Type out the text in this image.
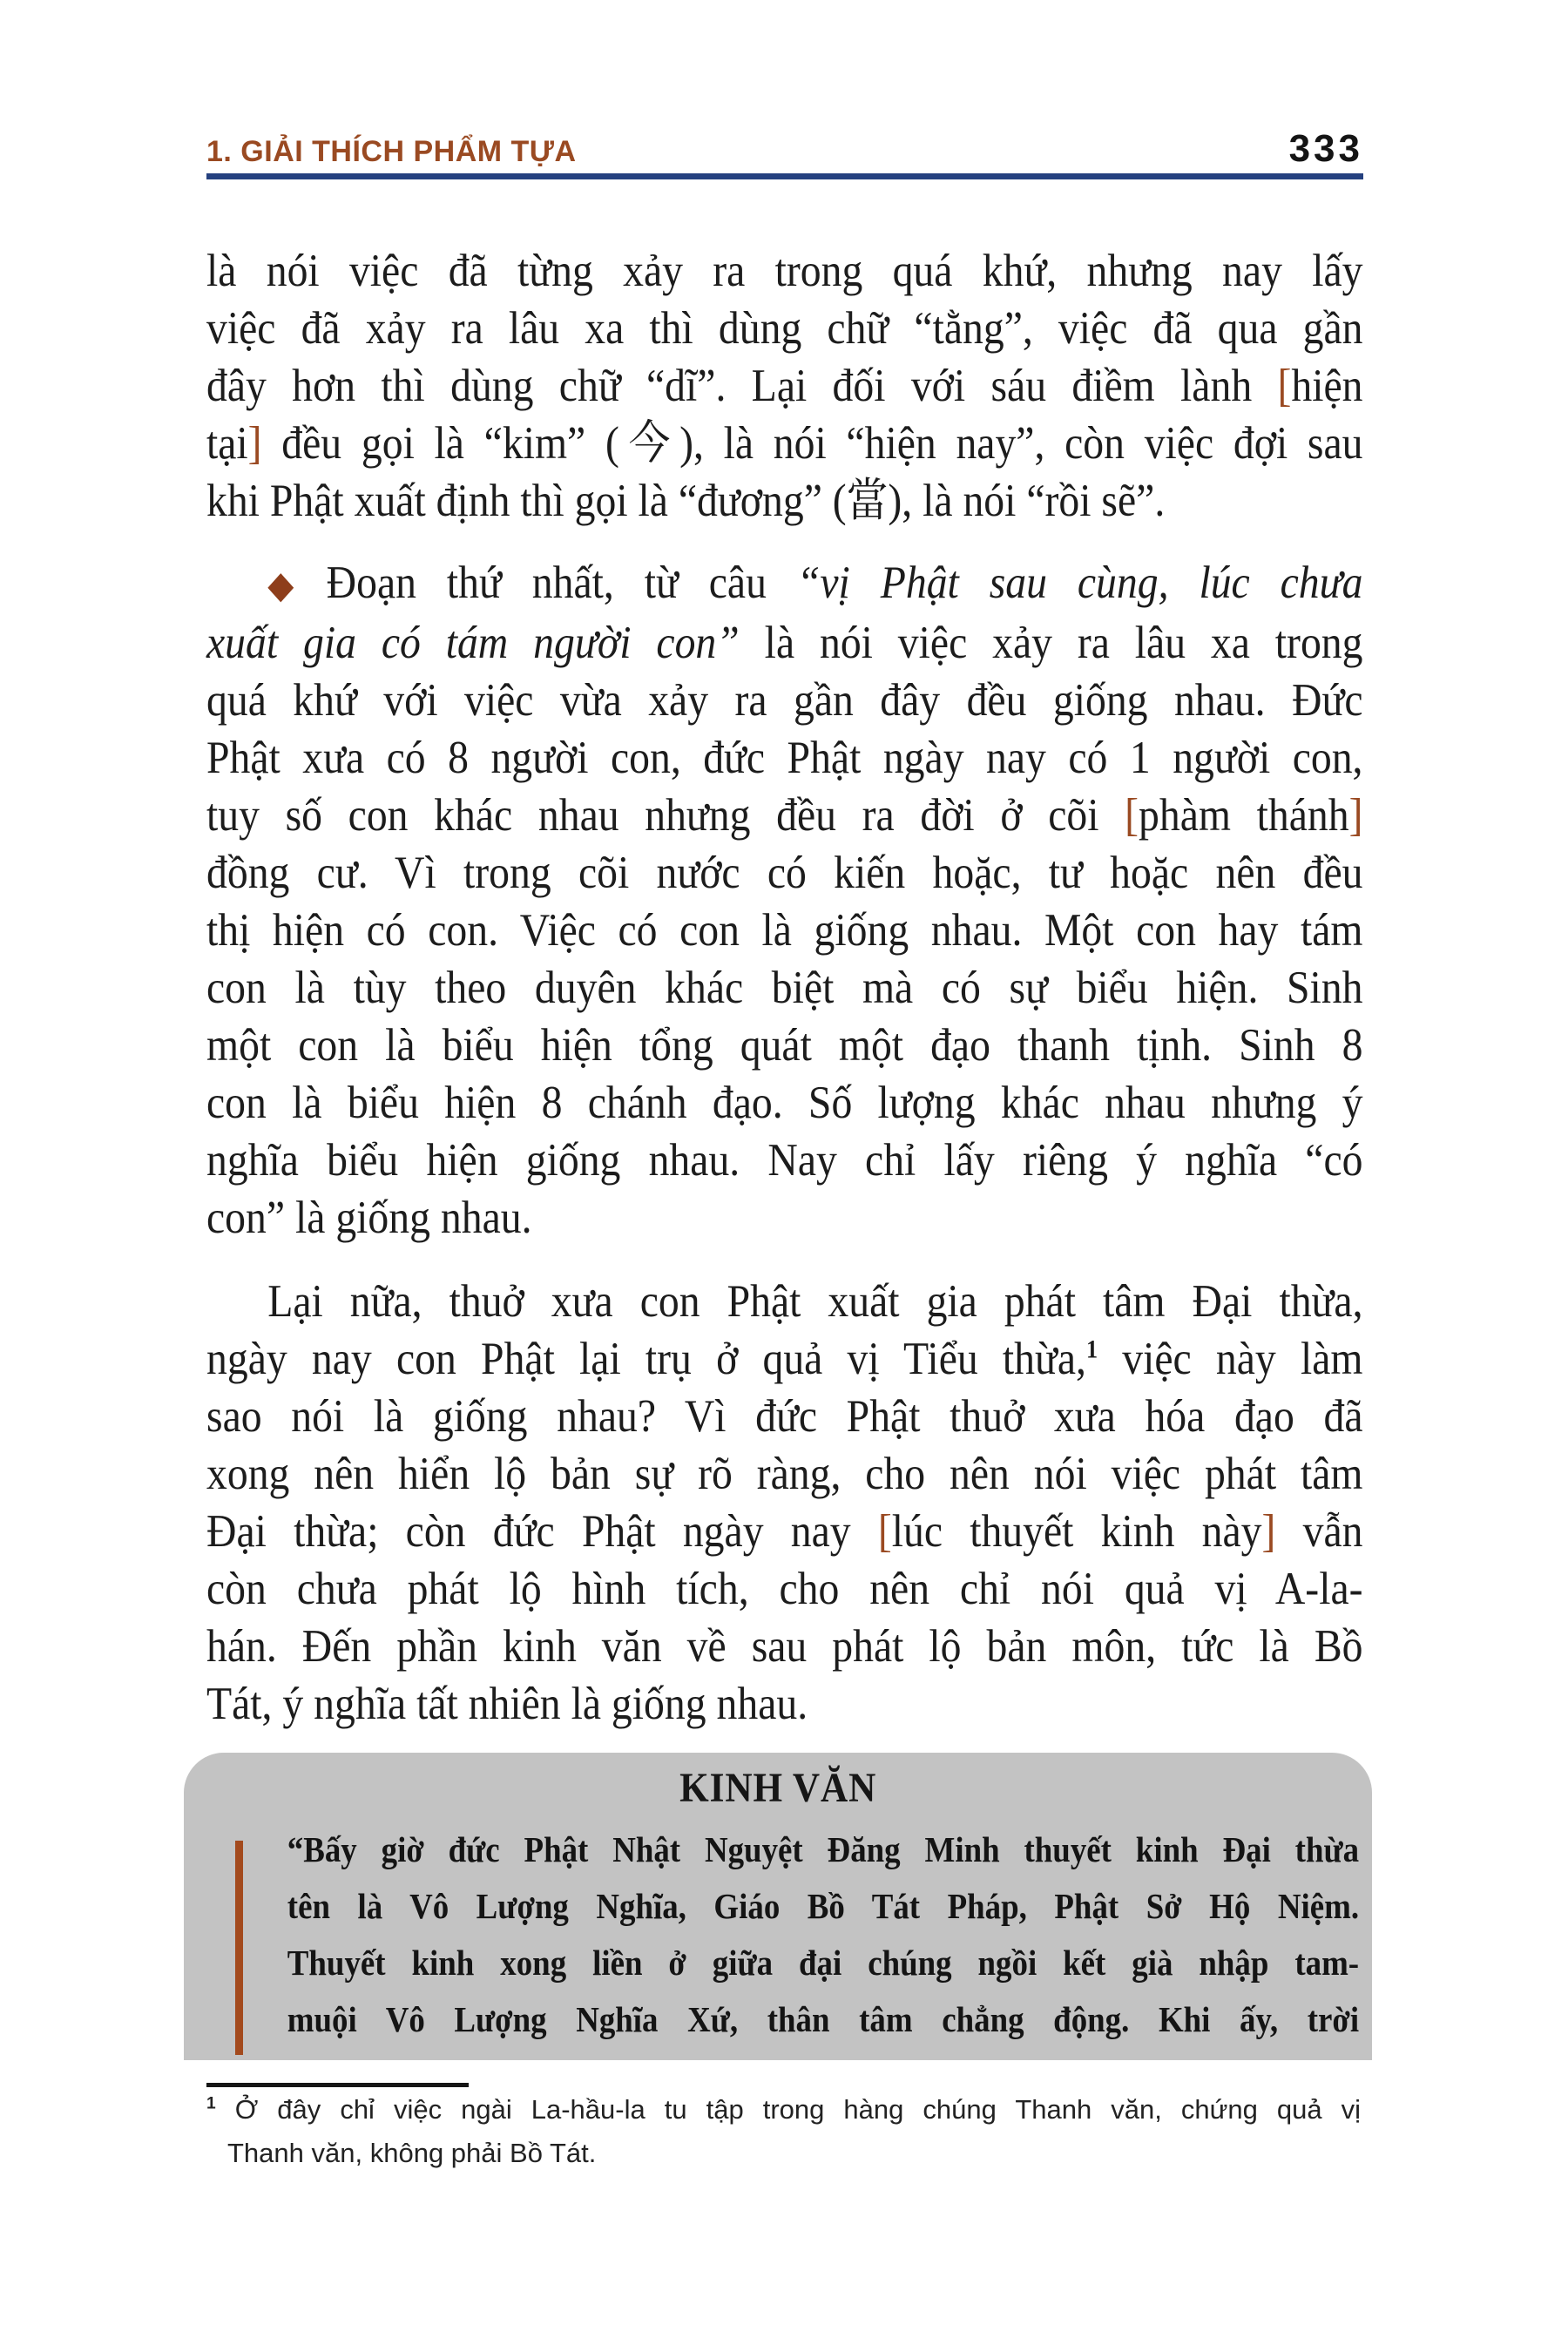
1. GIẢI THÍCH PHẨM TỰA	333
là nói việc đã từng xảy ra trong quá khứ, nhưng nay lấy
việc đã xảy ra lâu xa thì dùng chữ “tằng”, việc đã qua gần
đây hơn thì dùng chữ “dĩ”. Lại đối với sáu điềm lành [hiện
tại] đều gọi là “kim” (今), là nói “hiện nay”, còn việc đợi sau
khi Phật xuất định thì gọi là “đương” (當), là nói “rồi sẽ”.
◆ Đoạn thứ nhất, từ câu “vị Phật sau cùng, lúc chưa
xuất gia có tám người con” là nói việc xảy ra lâu xa trong
quá khứ với việc vừa xảy ra gần đây đều giống nhau. Đức
Phật xưa có 8 người con, đức Phật ngày nay có 1 người con,
tuy số con khác nhau nhưng đều ra đời ở cõi [phàm thánh]
đồng cư. Vì trong cõi nước có kiến hoặc, tư hoặc nên đều
thị hiện có con. Việc có con là giống nhau. Một con hay tám
con là tùy theo duyên khác biệt mà có sự biểu hiện. Sinh
một con là biểu hiện tổng quát một đạo thanh tịnh. Sinh 8
con là biểu hiện 8 chánh đạo. Số lượng khác nhau nhưng ý
nghĩa biểu hiện giống nhau. Nay chỉ lấy riêng ý nghĩa “có
con” là giống nhau.
Lại nữa, thuở xưa con Phật xuất gia phát tâm Đại thừa,
ngày nay con Phật lại trụ ở quả vị Tiểu thừa,$^1$ việc này làm
sao nói là giống nhau? Vì đức Phật thuở xưa hóa đạo đã
xong nên hiển lộ bản sự rõ ràng, cho nên nói việc phát tâm
Đại thừa; còn đức Phật ngày nay [lúc thuyết kinh này] vẫn
còn chưa phát lộ hình tích, cho nên chỉ nói quả vị A-la-
hán. Đến phần kinh văn về sau phát lộ bản môn, tức là Bồ
Tát, ý nghĩa tất nhiên là giống nhau.
KINH VĂN
“Bấy giờ đức Phật Nhật Nguyệt Đăng Minh thuyết kinh Đại thừa
tên là Vô Lượng Nghĩa, Giáo Bồ Tát Pháp, Phật Sở Hộ Niệm.
Thuyết kinh xong liền ở giữa đại chúng ngồi kết già nhập tam-
muội Vô Lượng Nghĩa Xứ, thân tâm chẳng động. Khi ấy, trời
$^1$ Ở đây chỉ việc ngài La-hầu-la tu tập trong hàng chúng Thanh văn, chứng quả vị
Thanh văn, không phải Bồ Tát.
